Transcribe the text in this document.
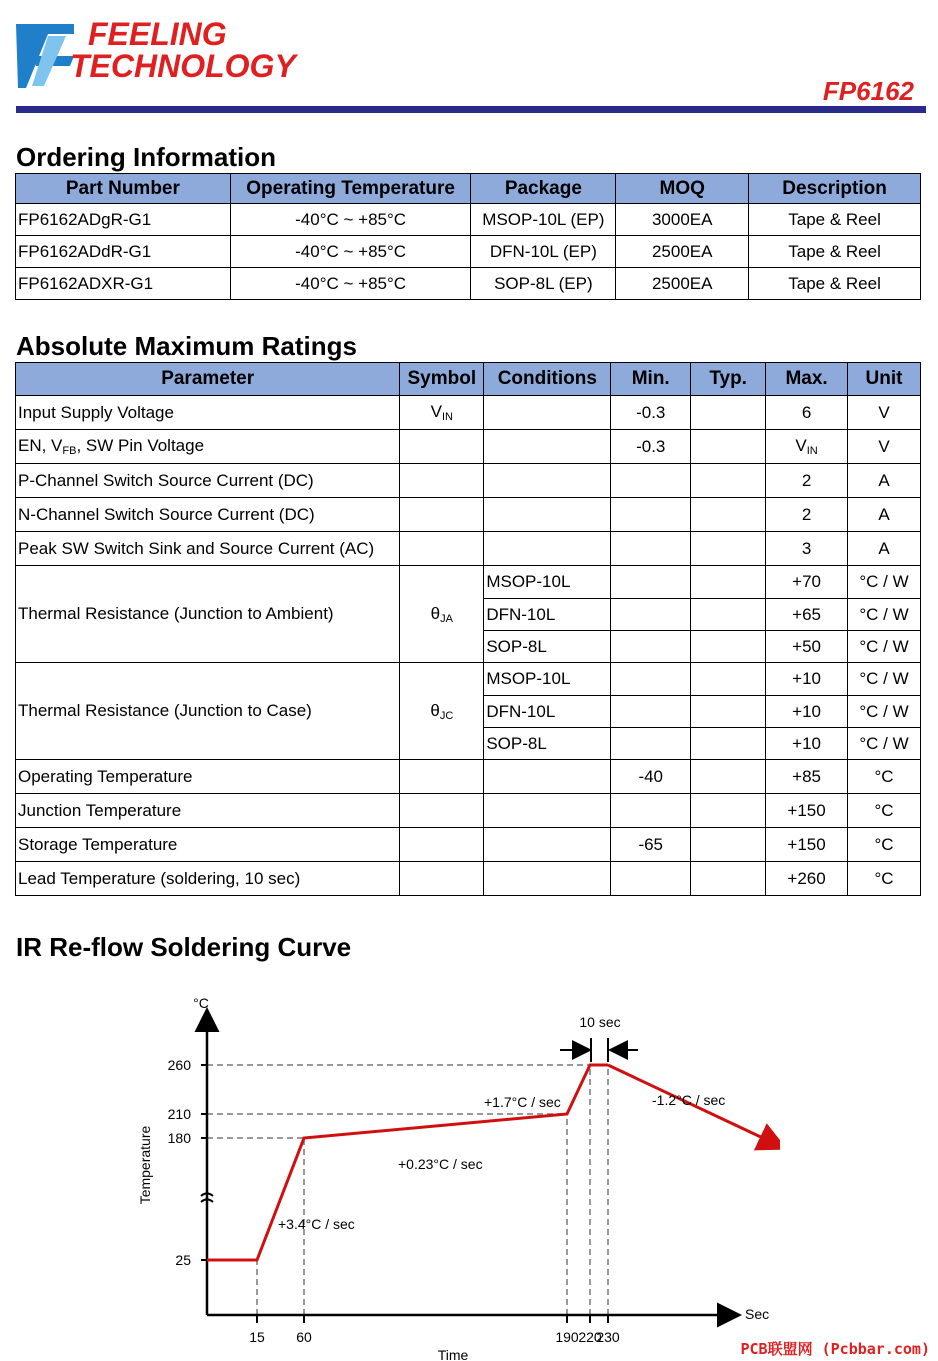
FEELING
TECHNOLOGY
FP6162
Ordering Information
Part Number	Operating Temperature	Package	MOQ	Description
FP6162ADgR-G1	-40°C ~ +85°C	MSOP-10L (EP)	3000EA	Tape & Reel
FP6162ADdR-G1	-40°C ~ +85°C	DFN-10L (EP)	2500EA	Tape & Reel
FP6162ADXR-G1	-40°C ~ +85°C	SOP-8L (EP)	2500EA	Tape & Reel
Absolute Maximum Ratings
Parameter	Symbol	Conditions	Min.	Typ.	Max.	Unit
Input Supply Voltage	$V_{IN}$		-0.3		6	V
EN, $V_{FB}$, SW Pin Voltage			-0.3		$V_{IN}$	V
P-Channel Switch Source Current (DC)					2	A
N-Channel Switch Source Current (DC)					2	A
Peak SW Switch Sink and Source Current (AC)					3	A
Thermal Resistance (Junction to Ambient)	$\theta_{JA}$	MSOP-10L			+70	°C / W
		DFN-10L			+65	°C / W
		SOP-8L			+50	°C / W
Thermal Resistance (Junction to Case)	$\theta_{JC}$	MSOP-10L			+10	°C / W
		DFN-10L			+10	°C / W
		SOP-8L			+10	°C / W
Operating Temperature			-40		+85	°C
Junction Temperature					+150	°C
Storage Temperature			-65		+150	°C
Lead Temperature (soldering, 10 sec)					+260	°C
IR Re-flow Soldering Curve
°C
Sec
Time
Temperature
25
180
210
260
15 60	190 220
230
+3.4°C / sec
+0.23°C / sec
+1.7°C / sec	-1.2°C / sec
10 sec
PCB联盟网 (Pcbbar.com)
